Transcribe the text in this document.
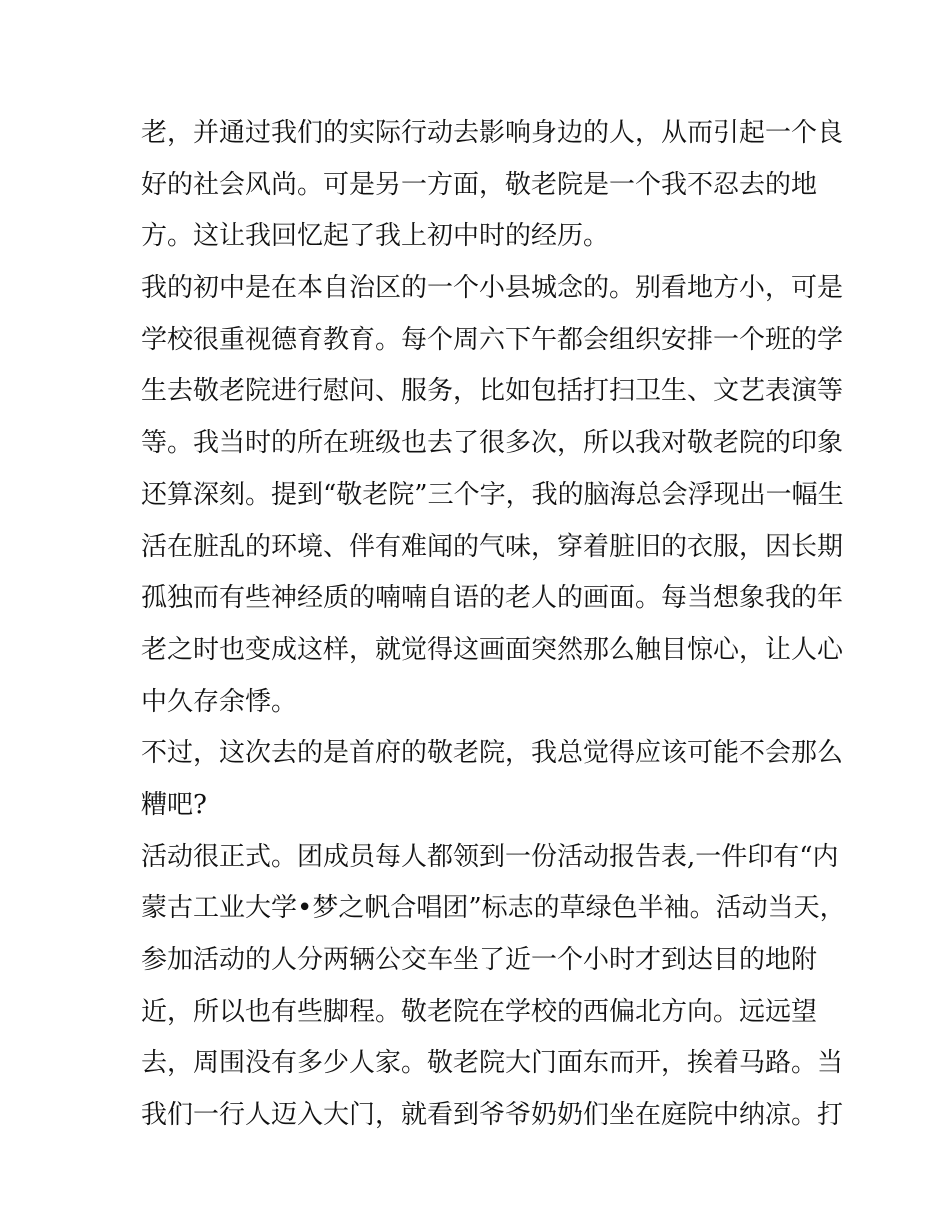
老，并通过我们的实际行动去影响身边的人，从而引起一个良
好的社会风尚。可是另一方面，敬老院是一个我不忍去的地
方。这让我回忆起了我上初中时的经历。
我的初中是在本自治区的一个小县城念的。别看地方小，可是
学校很重视德育教育。每个周六下午都会组织安排一个班的学
生去敬老院进行慰问、服务，比如包括打扫卫生、文艺表演等
等。我当时的所在班级也去了很多次，所以我对敬老院的印象
还算深刻。提到“敬老院”三个字，我的脑海总会浮现出一幅生
活在脏乱的环境、伴有难闻的气味，穿着脏旧的衣服，因长期
孤独而有些神经质的喃喃自语的老人的画面。每当想象我的年
老之时也变成这样，就觉得这画面突然那么触目惊心，让人心
中久存余悸。
不过，这次去的是首府的敬老院，我总觉得应该可能不会那么
糟吧?
活动很正式。团成员每人都领到一份活动报告表,一件印有“内
蒙古工业大学•梦之帆合唱团”标志的草绿色半袖。活动当天，
参加活动的人分两辆公交车坐了近一个小时才到达目的地附
近，所以也有些脚程。敬老院在学校的西偏北方向。远远望
去，周围没有多少人家。敬老院大门面东而开，挨着马路。当
我们一行人迈入大门，就看到爷爷奶奶们坐在庭院中纳凉。打
